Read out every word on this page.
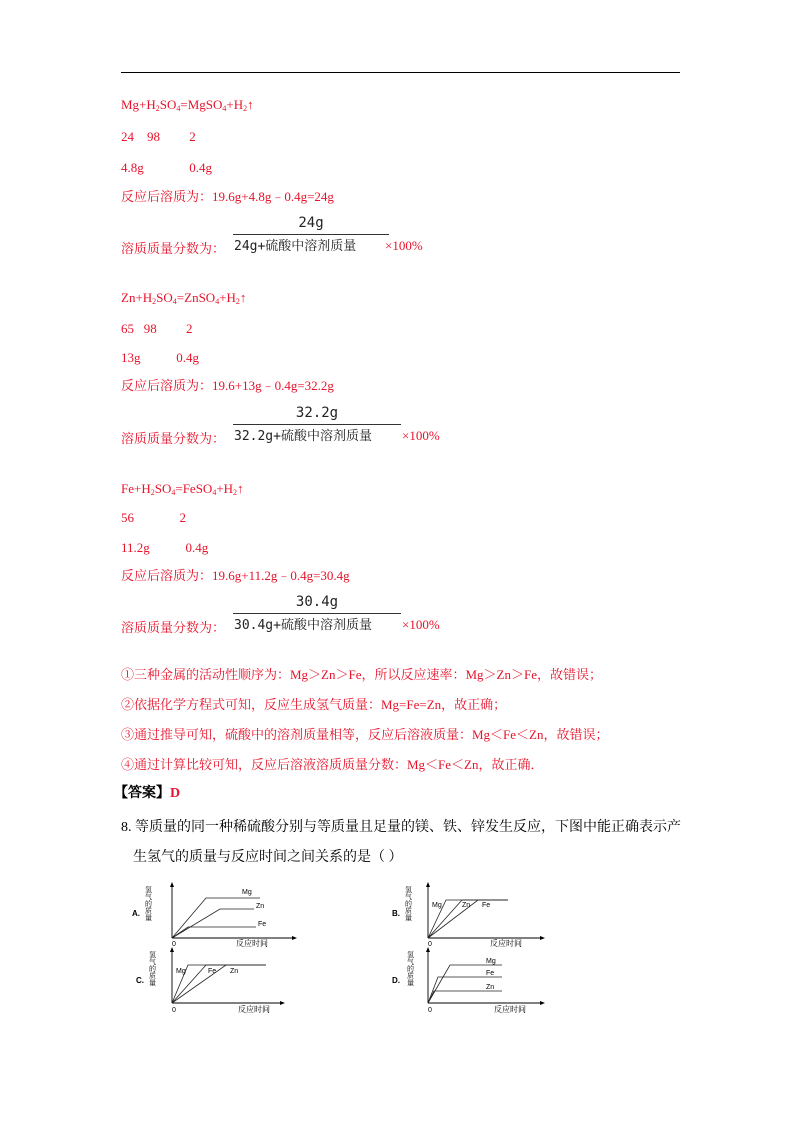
$Mg+H_2SO_4=MgSO_4+H_2↑$
24    98         2
4.8g              0.4g
反应后溶质为：19.6g+4.8g﹣0.4g=24g
溶质质量分数为：
24g
24g+硫酸中溶剂质量 ×100%
$Zn+H_2SO_4=ZnSO_4+H_2↑$
65   98         2
13g           0.4g
反应后溶质为：19.6+13g﹣0.4g=32.2g
溶质质量分数为：
32.2g
32.2g+硫酸中溶剂质量 ×100%
$Fe+H_2SO_4=FeSO_4+H_2↑$
56              2
11.2g           0.4g
反应后溶质为：19.6g+11.2g﹣0.4g=30.4g
溶质质量分数为：
30.4g
30.4g+硫酸中溶剂质量 ×100%
①三种金属的活动性顺序为：Mg＞Zn＞Fe，所以反应速率：Mg＞Zn＞Fe，故错误；
②依据化学方程式可知，反应生成氢气质量：Mg=Fe=Zn，故正确；
③通过推导可知，硫酸中的溶剂质量相等，反应后溶液质量：Mg＜Fe＜Zn，故错误；
④通过计算比较可知，反应后溶液溶质质量分数：Mg＜Fe＜Zn，故正确．
【答案】D
8. 等质量的同一种稀硫酸分别与等质量且足量的镁、铁、锌发生反应，下图中能正确表示产
生氢气的质量与反应时间之间关系的是（ ）
A. 氢气的质量
0	反应时间
Mg
Zn
Fe
B. 氢气的质量
0	反应时间
Mg	Zn Fe
C. 氢气的质量
0	反应时间
Mg	Fe Zn
D. 氢气的质量
0	反应时间
Mg
Fe
Zn
